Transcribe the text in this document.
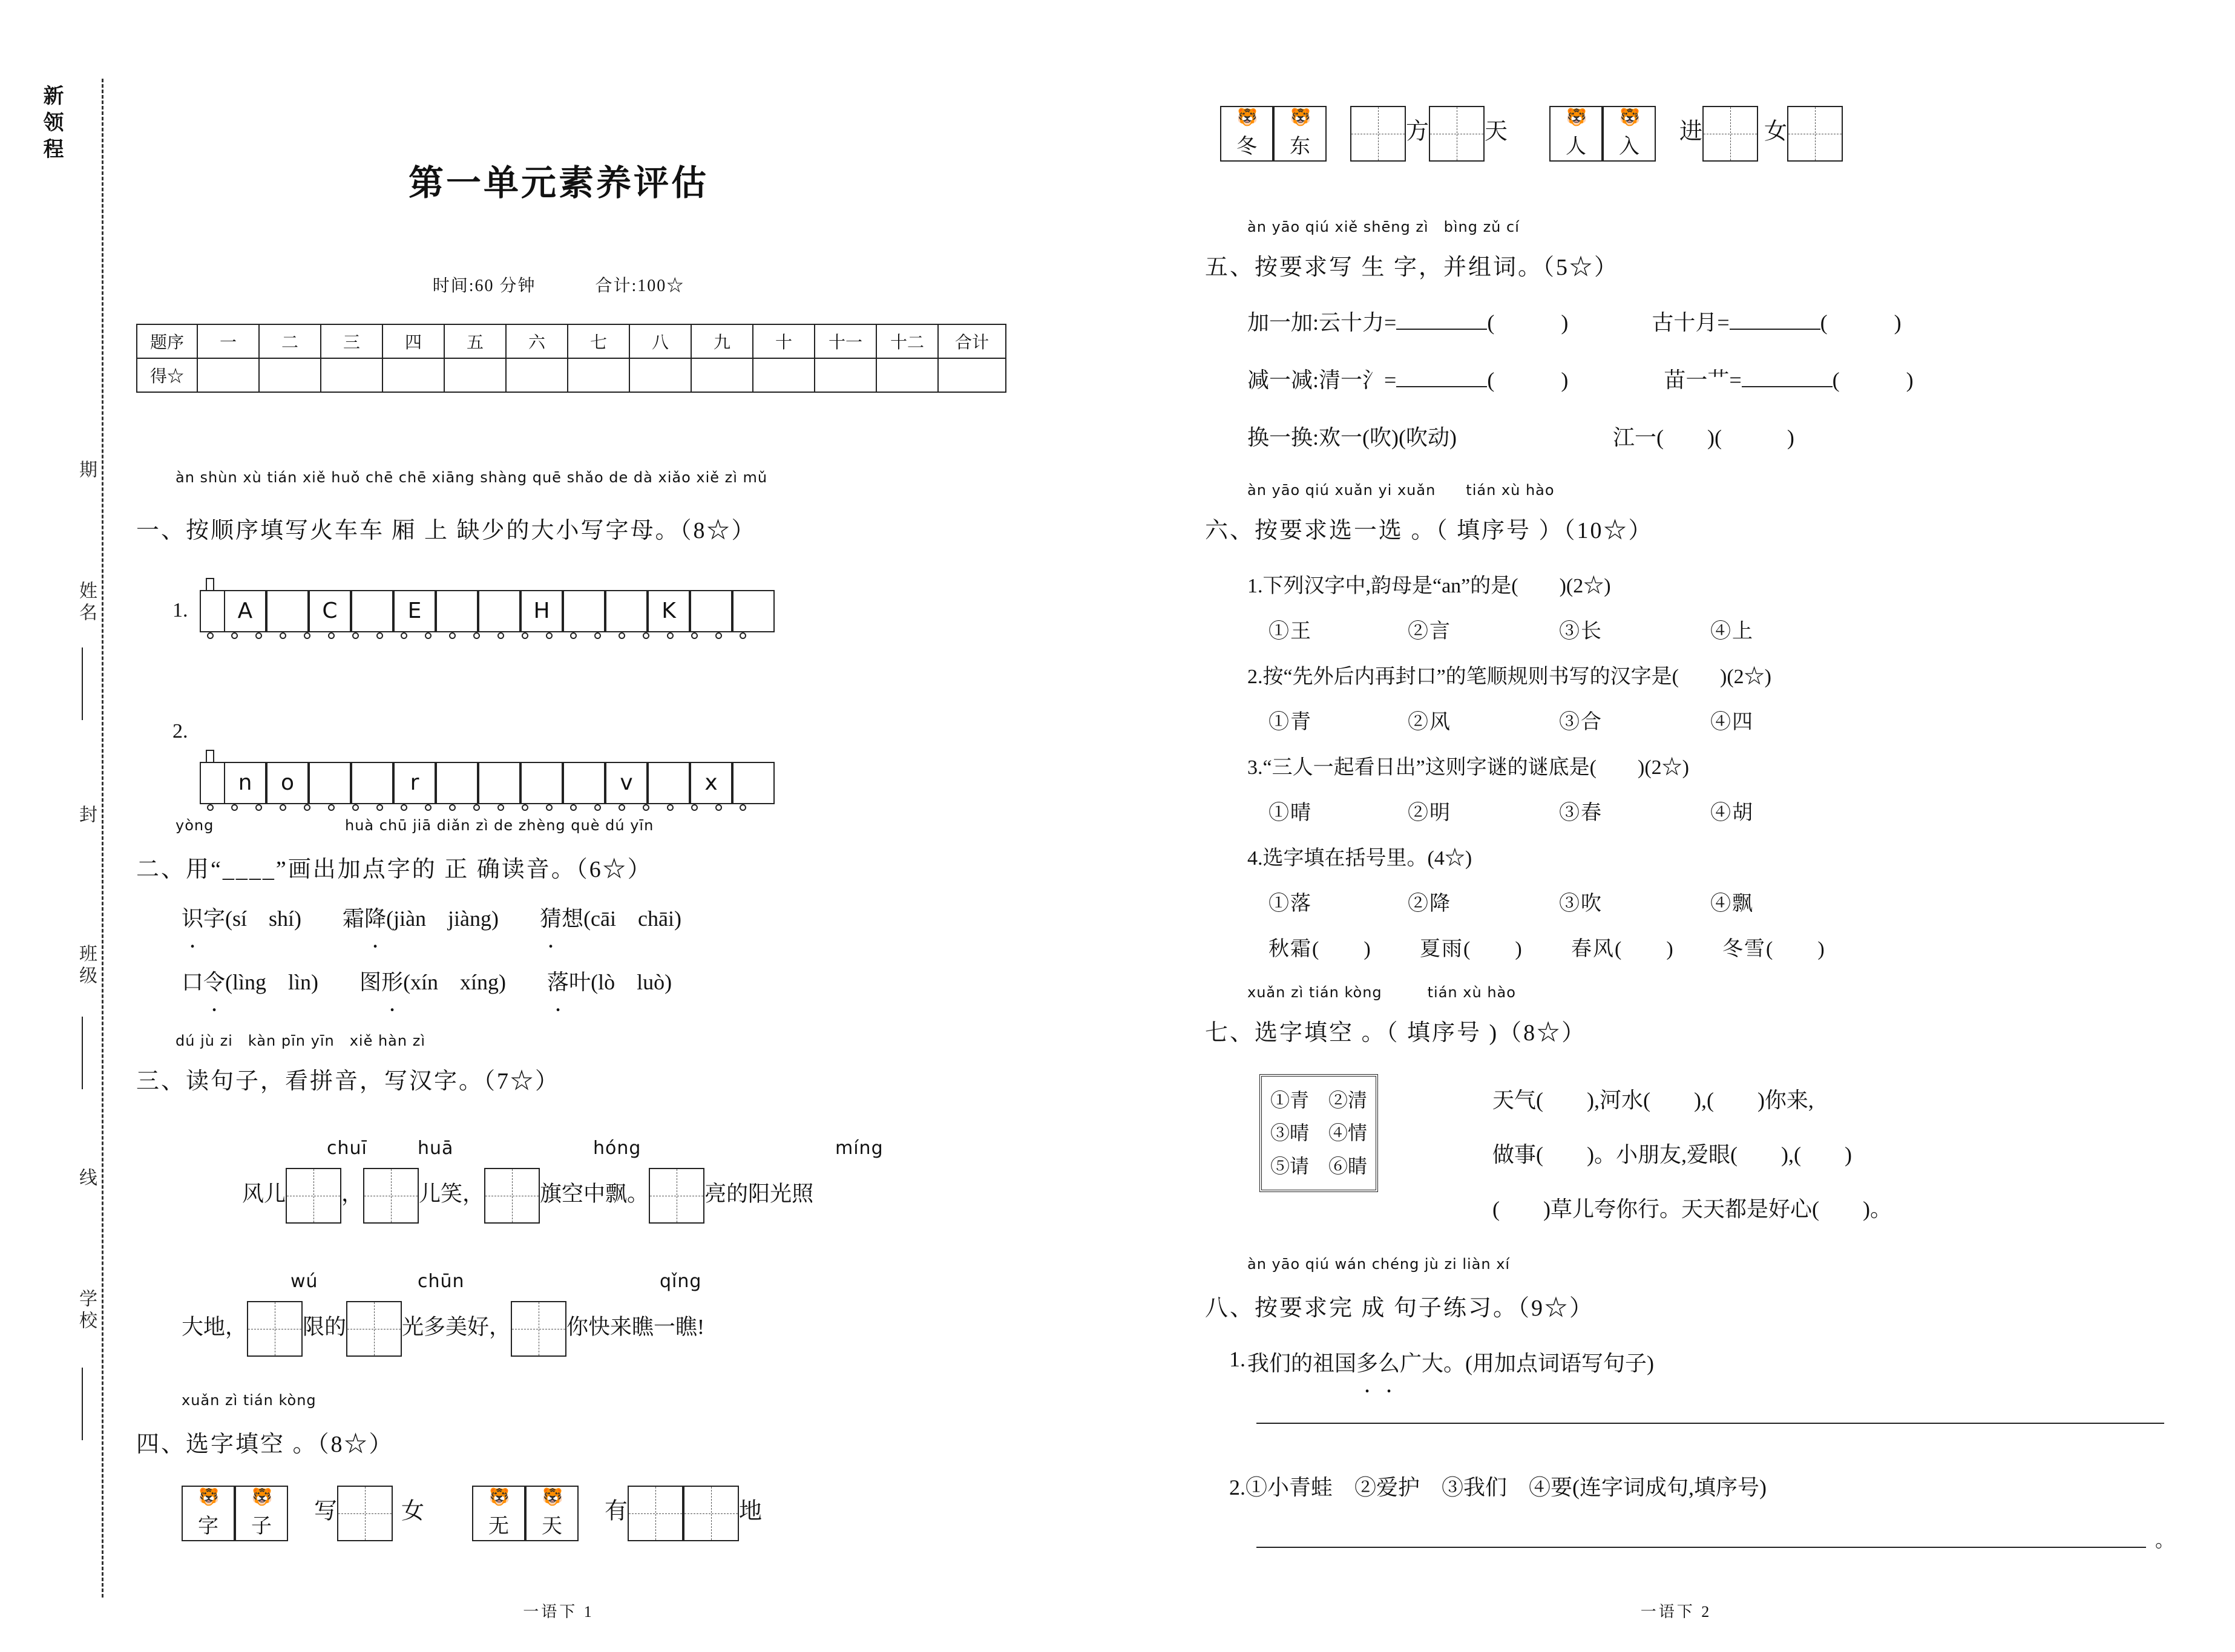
新领程
期
姓名
封
班级
线
学校
第一单元素养评估
时间:60 分钟	合计:100☆
题序	一	二	三	四	五	六	七	八	九	十	十一	十二	合计
得☆													
àn shùn xù tián xiě huǒ chē chē xiāng shàng quē shǎo de dà xiǎo xiě zì mǔ
一、按顺序填写火车车 厢 上 缺少的大小写字母。（8☆）
1.	A	C	E	H	K
2.
n o	r	v	x
yòng	huà chū jiā diǎn zì de zhèng què dú yīn
二、用“____”画出加点字的 正 确读音。（6☆）
识字(sí　shí) 霜降(jiàn　jiàng) 猜想(cāi　chāi)
口令(lìng　lìn) 图形(xín　xíng) 落叶(lò　luò)
dú jù zi　kàn pīn yīn　xiě hàn zì
三、读句子，看拼音，写汉字。（7☆）
chuī	huā	hóng	míng
风儿	，	儿笑，	旗空中飘。	亮的阳光照
wú	chūn	qǐng
大地，	限的	光多美好，	你快来瞧一瞧!
xuǎn zì tián kòng
四、选字填空 。（8☆）
🐯
字
🐯
子
写	女
🐯
无
🐯
天
有	地
一语下 1
🐯
冬
🐯
东
方 天
🐯
人
🐯
入
进	女
àn yāo qiú xiě shēng zì　bìng zǔ cí
五、按要求写 生 字，并组词。（5☆）
加一加:云十力=	(	)	古十月=	(	)
减一减:清一氵=	(	)	苗一艹=	(	)
换一换:欢一(吹)(吹动)	江一(　　)(　　　)
àn yāo qiú xuǎn yi xuǎn　　tián xù hào
六、按要求选一选 。（ 填序号 ）（10☆）
1.下列汉字中,韵母是“an”的是(　　)(2☆)
①王	②言	③长	④上
2.按“先外后内再封口”的笔顺规则书写的汉字是(　　)(2☆)
①青	②风	③合	④四
3.“三人一起看日出”这则字谜的谜底是(　　)(2☆)
①晴	②明	③春	④胡
4.选字填在括号里。(4☆)
①落	②降	③吹	④飘
秋霜(　　) 夏雨(　　) 春风(　　) 冬雪(　　)
xuǎn zì tián kòng　　　tián xù hào
七、选字填空 。（ 填序号 )（8☆）
①青　②清
③晴　④情
⑤请　⑥睛
天气(　　),河水(　　),(　　)你来,
做事(　　)。小朋友,爱眼(　　),(　　)
(　　)草儿夸你行。天天都是好心(　　)。
àn yāo qiú wán chéng jù zi liàn xí
八、按要求完 成 句子练习。（9☆）
我们的祖国多么广大。(用加点词语写句子)
1.
2.①小青蛙　②爱护　③我们　④要(连字词成句,填序号)
。
一语下 2
